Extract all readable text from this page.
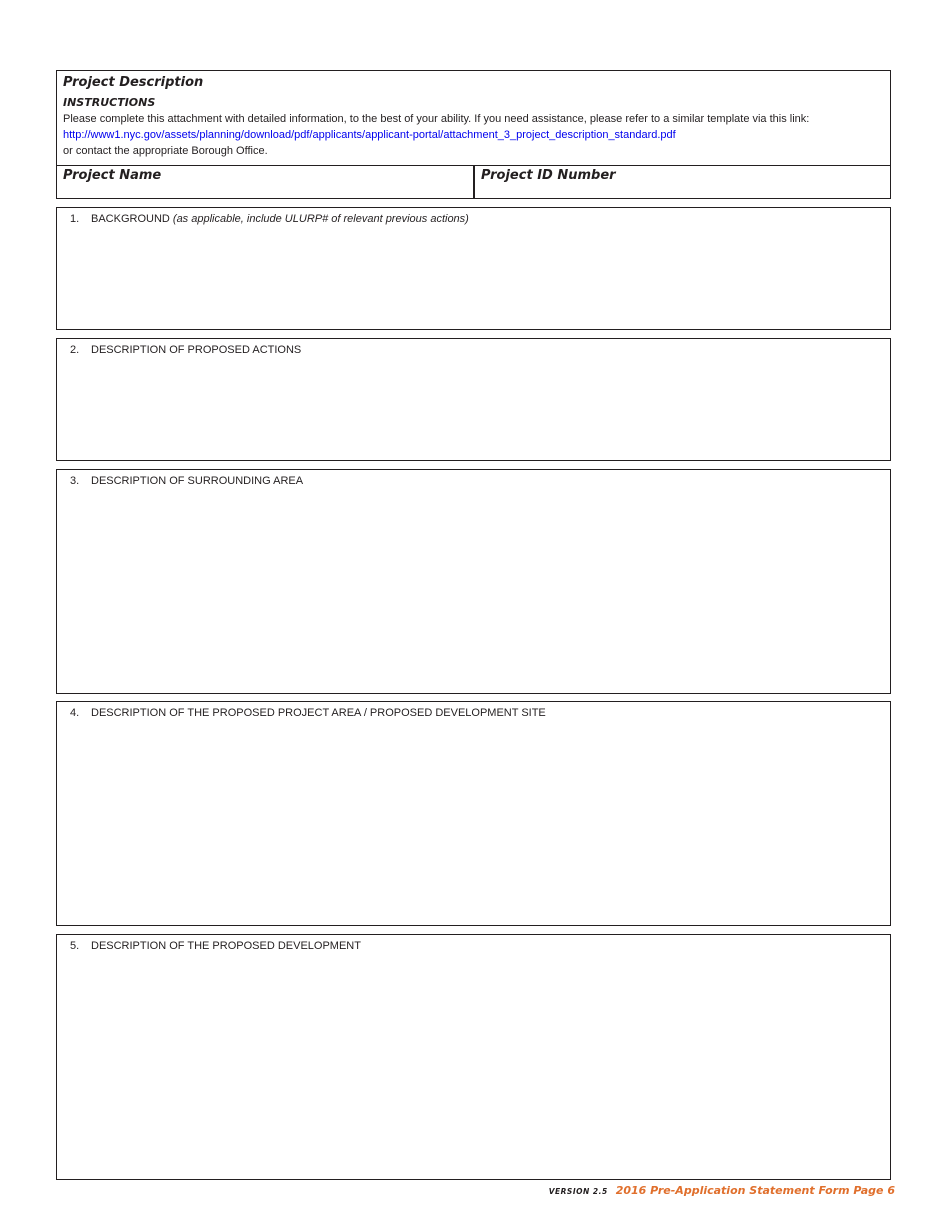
Project Description
INSTRUCTIONS
Please complete this attachment with detailed information, to the best of your ability. If you need assistance, please refer to a similar template via this link:
http://www1.nyc.gov/assets/planning/download/pdf/applicants/applicant-portal/attachment_3_project_description_standard.pdf
or contact the appropriate Borough Office.
Project Name	Project ID Number
1. BACKGROUND (as applicable, include ULURP# of relevant previous actions)
2. DESCRIPTION OF PROPOSED ACTIONS
3. DESCRIPTION OF SURROUNDING AREA
4. DESCRIPTION OF THE PROPOSED PROJECT AREA / PROPOSED DEVELOPMENT SITE
5. DESCRIPTION OF THE PROPOSED DEVELOPMENT
VERSION 2.5 2016 Pre-Application Statement Form Page 6
